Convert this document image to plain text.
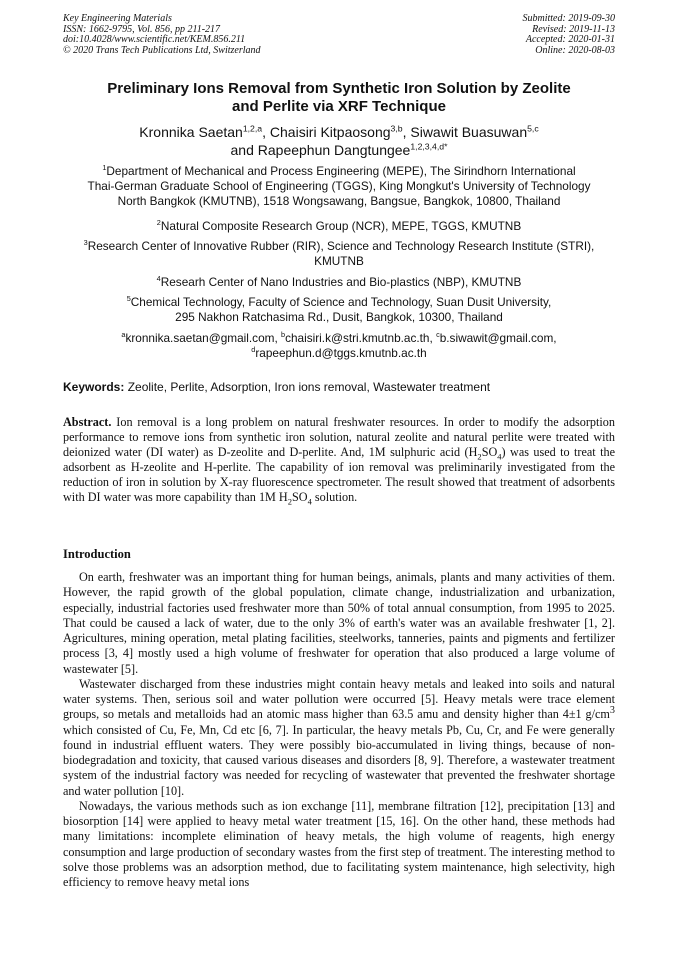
Key Engineering Materials
ISSN: 1662-9795, Vol. 856, pp 211-217
doi:10.4028/www.scientific.net/KEM.856.211
© 2020 Trans Tech Publications Ltd, Switzerland
Submitted: 2019-09-30
Revised: 2019-11-13
Accepted: 2020-01-31
Online: 2020-08-03
Preliminary Ions Removal from Synthetic Iron Solution by Zeolite
and Perlite via XRF Technique
Kronnika Saetan$^{1,2,a}$, Chaisiri Kitpaosong$^{3,b}$, Siwawit Buasuwan$^{5,c}$
and Rapeephun Dangtungee$^{1,2,3,4,d*}$
$^1$Department of Mechanical and Process Engineering (MEPE), The Sirindhorn International
Thai-German Graduate School of Engineering (TGGS), King Mongkut's University of Technology
North Bangkok (KMUTNB), 1518 Wongsawang, Bangsue, Bangkok, 10800, Thailand
$^2$Natural Composite Research Group (NCR), MEPE, TGGS, KMUTNB
$^3$Research Center of Innovative Rubber (RIR), Science and Technology Research Institute (STRI),
KMUTNB
$^4$Researh Center of Nano Industries and Bio-plastics (NBP), KMUTNB
$^5$Chemical Technology, Faculty of Science and Technology, Suan Dusit University,
295 Nakhon Ratchasima Rd., Dusit, Bangkok, 10300, Thailand
$^a$kronnika.saetan@gmail.com, $^b$chaisiri.k@stri.kmutnb.ac.th, $^c$b.siwawit@gmail.com,
$^d$rapeephun.d@tggs.kmutnb.ac.th
Keywords: Zeolite, Perlite, Adsorption, Iron ions removal, Wastewater treatment
Abstract. Ion removal is a long problem on natural freshwater resources. In order to modify the adsorption performance to remove ions from synthetic iron solution, natural zeolite and natural perlite were treated with deionized water (DI water) as D-zeolite and D-perlite. And, 1M sulphuric acid $(H_2SO_4)$ was used to treat the adsorbent as H-zeolite and H-perlite. The capability of ion removal was preliminarily investigated from the reduction of iron in solution by X-ray fluorescence spectrometer. The result showed that treatment of adsorbents with DI water was more capability than 1M $H_2SO_4$ solution.
Introduction

On earth, freshwater was an important thing for human beings, animals, plants and many activities of them. However, the rapid growth of the global population, climate change, industrialization and urbanization, especially, industrial factories used freshwater more than 50% of total annual consumption, from 1995 to 2025. That could be caused a lack of water, due to the only 3% of earth's water was an available freshwater [1, 2]. Agricultures, mining operation, metal plating facilities, steelworks, tanneries, paints and pigments and fertilizer process [3, 4] mostly used a high volume of freshwater for operation that also produced a large volume of wastewater [5].

Wastewater discharged from these industries might contain heavy metals and leaked into soils and natural water systems. Then, serious soil and water pollution were occurred [5]. Heavy metals were trace element groups, so metals and metalloids had an atomic mass higher than 63.5 amu and density higher than 4±1 $g/cm^3$ which consisted of Cu, Fe, Mn, Cd etc [6, 7]. In particular, the heavy metals Pb, Cu, Cr, and Fe were generally found in industrial effluent waters. They were possibly bio-accumulated in living things, because of non-biodegradation and toxicity, that caused various diseases and disorders [8, 9]. Therefore, a wastewater treatment system of the industrial factory was needed for recycling of wastewater that prevented the freshwater shortage and water pollution [10].

Nowadays, the various methods such as ion exchange [11], membrane filtration [12], precipitation [13] and biosorption [14] were applied to heavy metal water treatment [15, 16]. On the other hand, these methods had many limitations: incomplete elimination of heavy metals, the high volume of reagents, high energy consumption and large production of secondary wastes from the first step of treatment. The interesting method to solve those problems was an adsorption method, due to facilitating system maintenance, high selectivity, high efficiency to remove heavy metal ions
